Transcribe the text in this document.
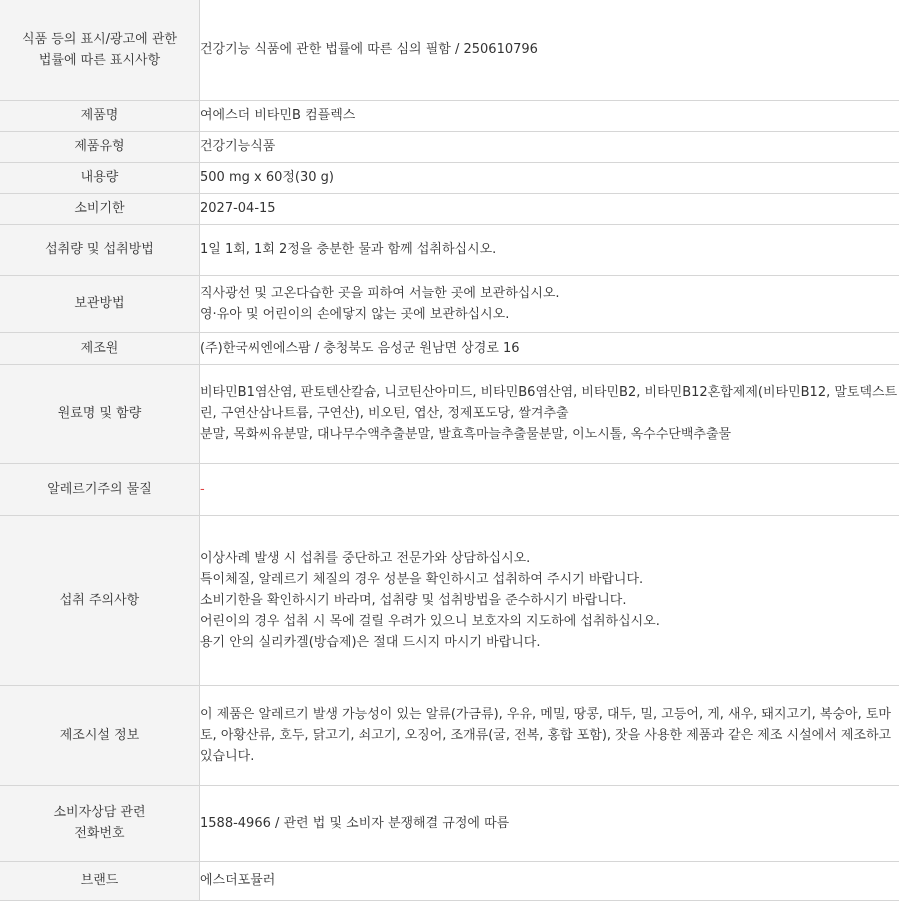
식품 등의 표시/광고에 관한
법률에 따른 표시사항	건강기능 식품에 관한 법률에 따른 심의 필함 / 250610796

제품명	여에스더 비타민B 컴플렉스

제품유형	건강기능식품

내용량	500 mg x 60정(30 g)

소비기한	2027-04-15

섭취량 및 섭취방법	1일 1회, 1회 2정을 충분한 물과 함께 섭취하십시오.

보관방법	직사광선 및 고온다습한 곳을 피하여 서늘한 곳에 보관하십시오.
영·유아 및 어린이의 손에닿지 않는 곳에 보관하십시오.

제조원	(주)한국씨엔에스팜 / 충청북도 음성군 원남면 상경로 16

원료명 및 함량	비타민B1염산염, 판토텐산칼슘, 니코틴산아미드, 비타민B6염산염, 비타민B2, 비타민B12혼합제제(비타민B12, 말토덱스트린, 구연산삼나트륨, 구연산), 비오틴, 엽산, 정제포도당, 쌀겨추출
분말, 목화씨유분말, 대나무수액추출분말, 발효흑마늘추출물분말, 이노시톨, 옥수수단백추출물

알레르기주의 물질	-

섭취 주의사항	이상사례 발생 시 섭취를 중단하고 전문가와 상담하십시오.
특이체질, 알레르기 체질의 경우 성분을 확인하시고 섭취하여 주시기 바랍니다.
소비기한을 확인하시기 바라며, 섭취량 및 섭취방법을 준수하시기 바랍니다.
어린이의 경우 섭취 시 목에 걸릴 우려가 있으니 보호자의 지도하에 섭취하십시오.
용기 안의 실리카겔(방습제)은 절대 드시지 마시기 바랍니다.

제조시설 정보	이 제품은 알레르기 발생 가능성이 있는 알류(가금류), 우유, 메밀, 땅콩, 대두, 밀, 고등어, 게, 새우, 돼지고기, 복숭아, 토마토, 아황산류, 호두, 닭고기, 쇠고기, 오징어, 조개류(굴, 전복, 홍합 포함), 잣을 사용한 제품과 같은 제조 시설에서 제조하고 있습니다.

소비자상담 관련
전화번호	1588-4966 / 관련 법 및 소비자 분쟁해결 규정에 따름

브랜드	에스더포뮬러
